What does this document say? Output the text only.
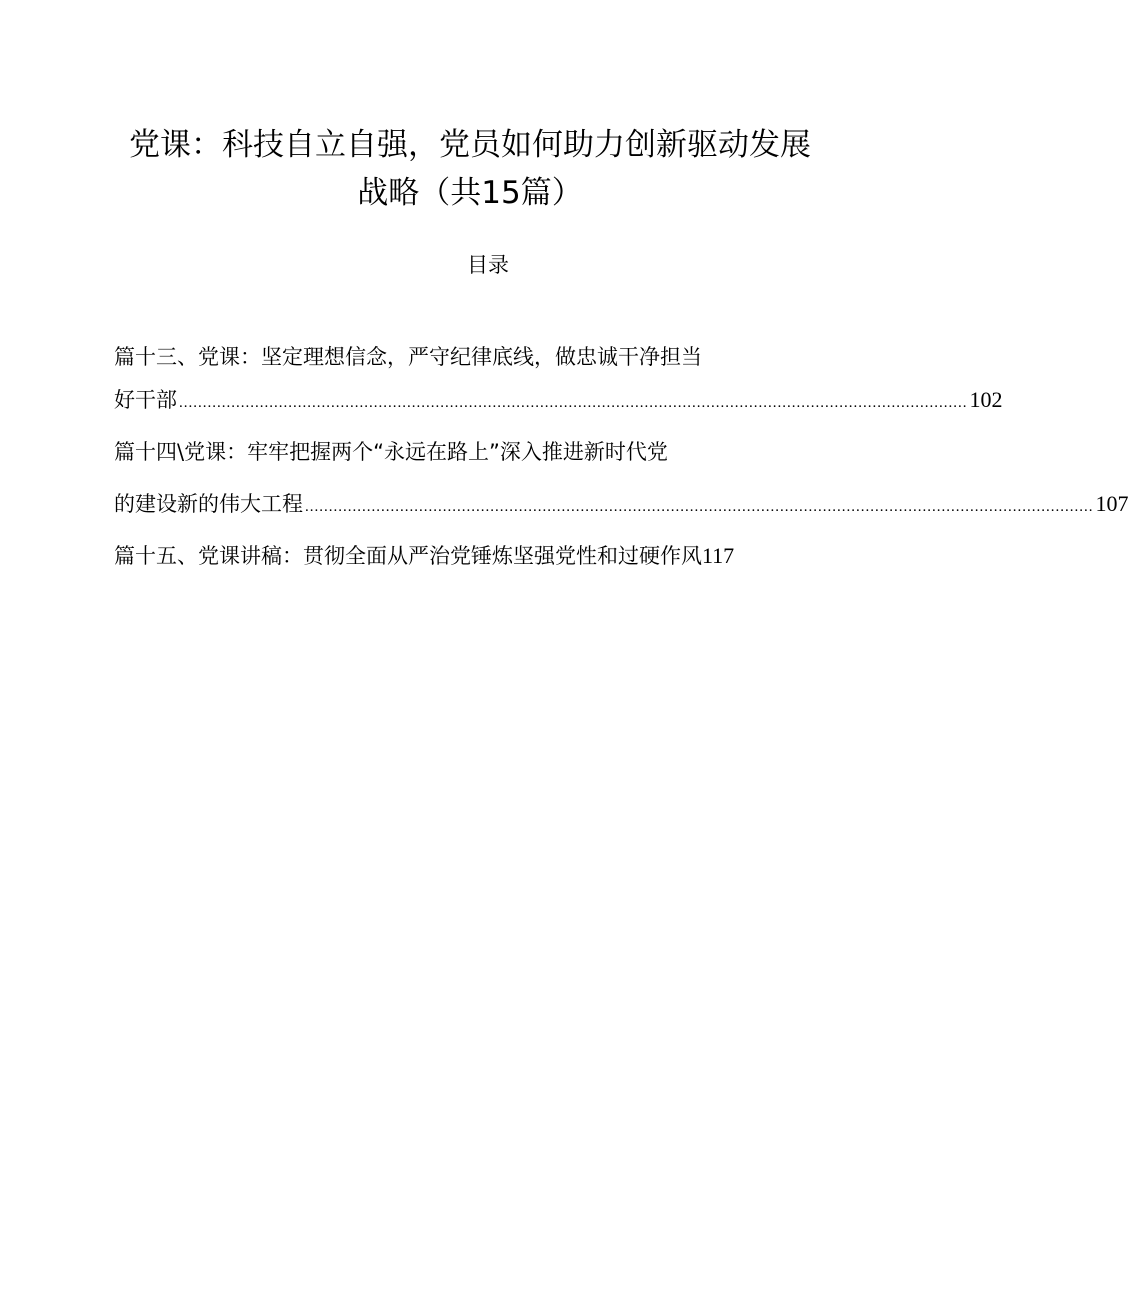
党课：科技自立自强，党员如何助力创新驱动发展
战略（共15篇）
目录
篇十三、党课：坚定理想信念，严守纪律底线，做忠诚干净担当
好干部 ...................................................................................................................................................................... 102
篇十四\党课：牢牢把握两个“永远在路上”深入推进新时代党
的建设新的伟大工程 ...................................................................................................................................................................... 107
篇十五、党课讲稿：贯彻全面从严治党锤炼坚强党性和过硬作风 117
